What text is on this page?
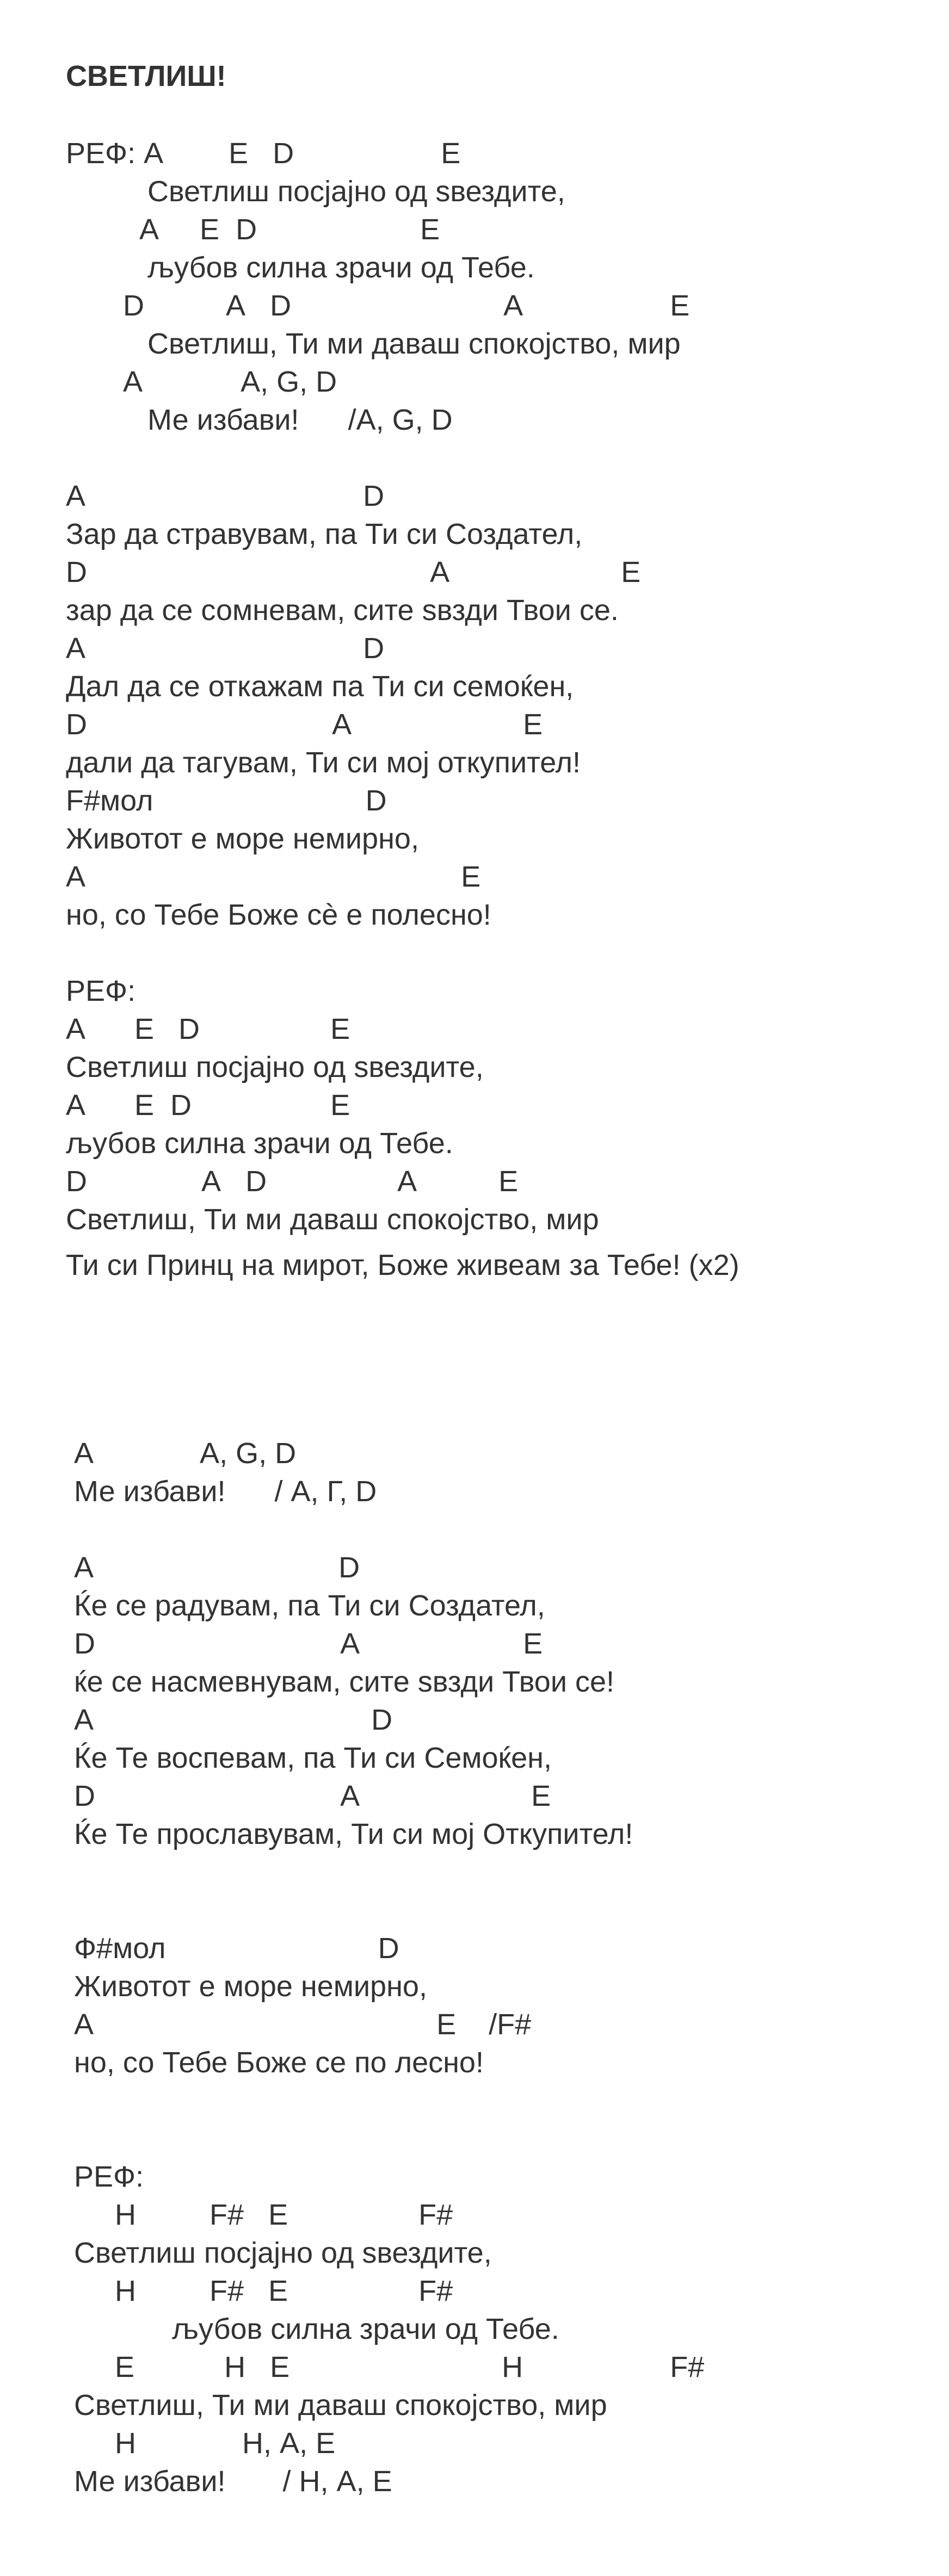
СВЕТЛИШ!
РЕФ: А        Е   D                  Е
Светлиш посјајно од ѕвездите,
А     Е  D                    Е
љубов силна зрачи од Тебе.
D          А   D                          А                  Е
Светлиш, Ти ми даваш спокојство, мир
А            А, G, D
Ме избави!      /А, G, D
А                                  D
Зар да стравувам, па Ти си Создател,
D                                          А                     Е
зар да се сомневам, сите ѕвзди Твои се.
А                                  D
Дал да се откажам па Ти си семоќен,
D                              А                     Е
дали да тагувам, Ти си мој откупител!
F#мол                          D
Животот е море немирно,
А                                              Е
но, со Тебе Боже сè е полесно!
РЕФ:
А      Е   D                Е
Светлиш посјајно од ѕвездите,
А      Е  D                 Е
љубов силна зрачи од Тебе.
D              А   D                А          Е
Светлиш, Ти ми даваш спокојство, мир
Ти си Принц на мирот, Боже живеам за Тебе! (x2)
А             А, G, D
Ме избави!      / А, Г, D
А                              D
Ќе се радувам, па Ти си Создател,
D                              А                    Е
ќе се насмевнувам, сите ѕвзди Твои се!
А                                  D
Ќе Те воспевам, па Ти си Семоќен,
D                              А                     Е
Ќе Те прославувам, Ти си мој Откупител!
Ф#мол                          D
Животот е море немирно,
А                                          Е    /F#
но, со Тебе Боже се по лесно!
РЕФ:
Н         F#   Е                F#
Светлиш посјајно од ѕвездите,
Н         F#   Е                F#
љубов силна зрачи од Тебе.
Е           Н   Е                          Н                  F#
Светлиш, Ти ми даваш спокојство, мир
Н             Н, А, Е
Ме избави!       / Н, А, Е
